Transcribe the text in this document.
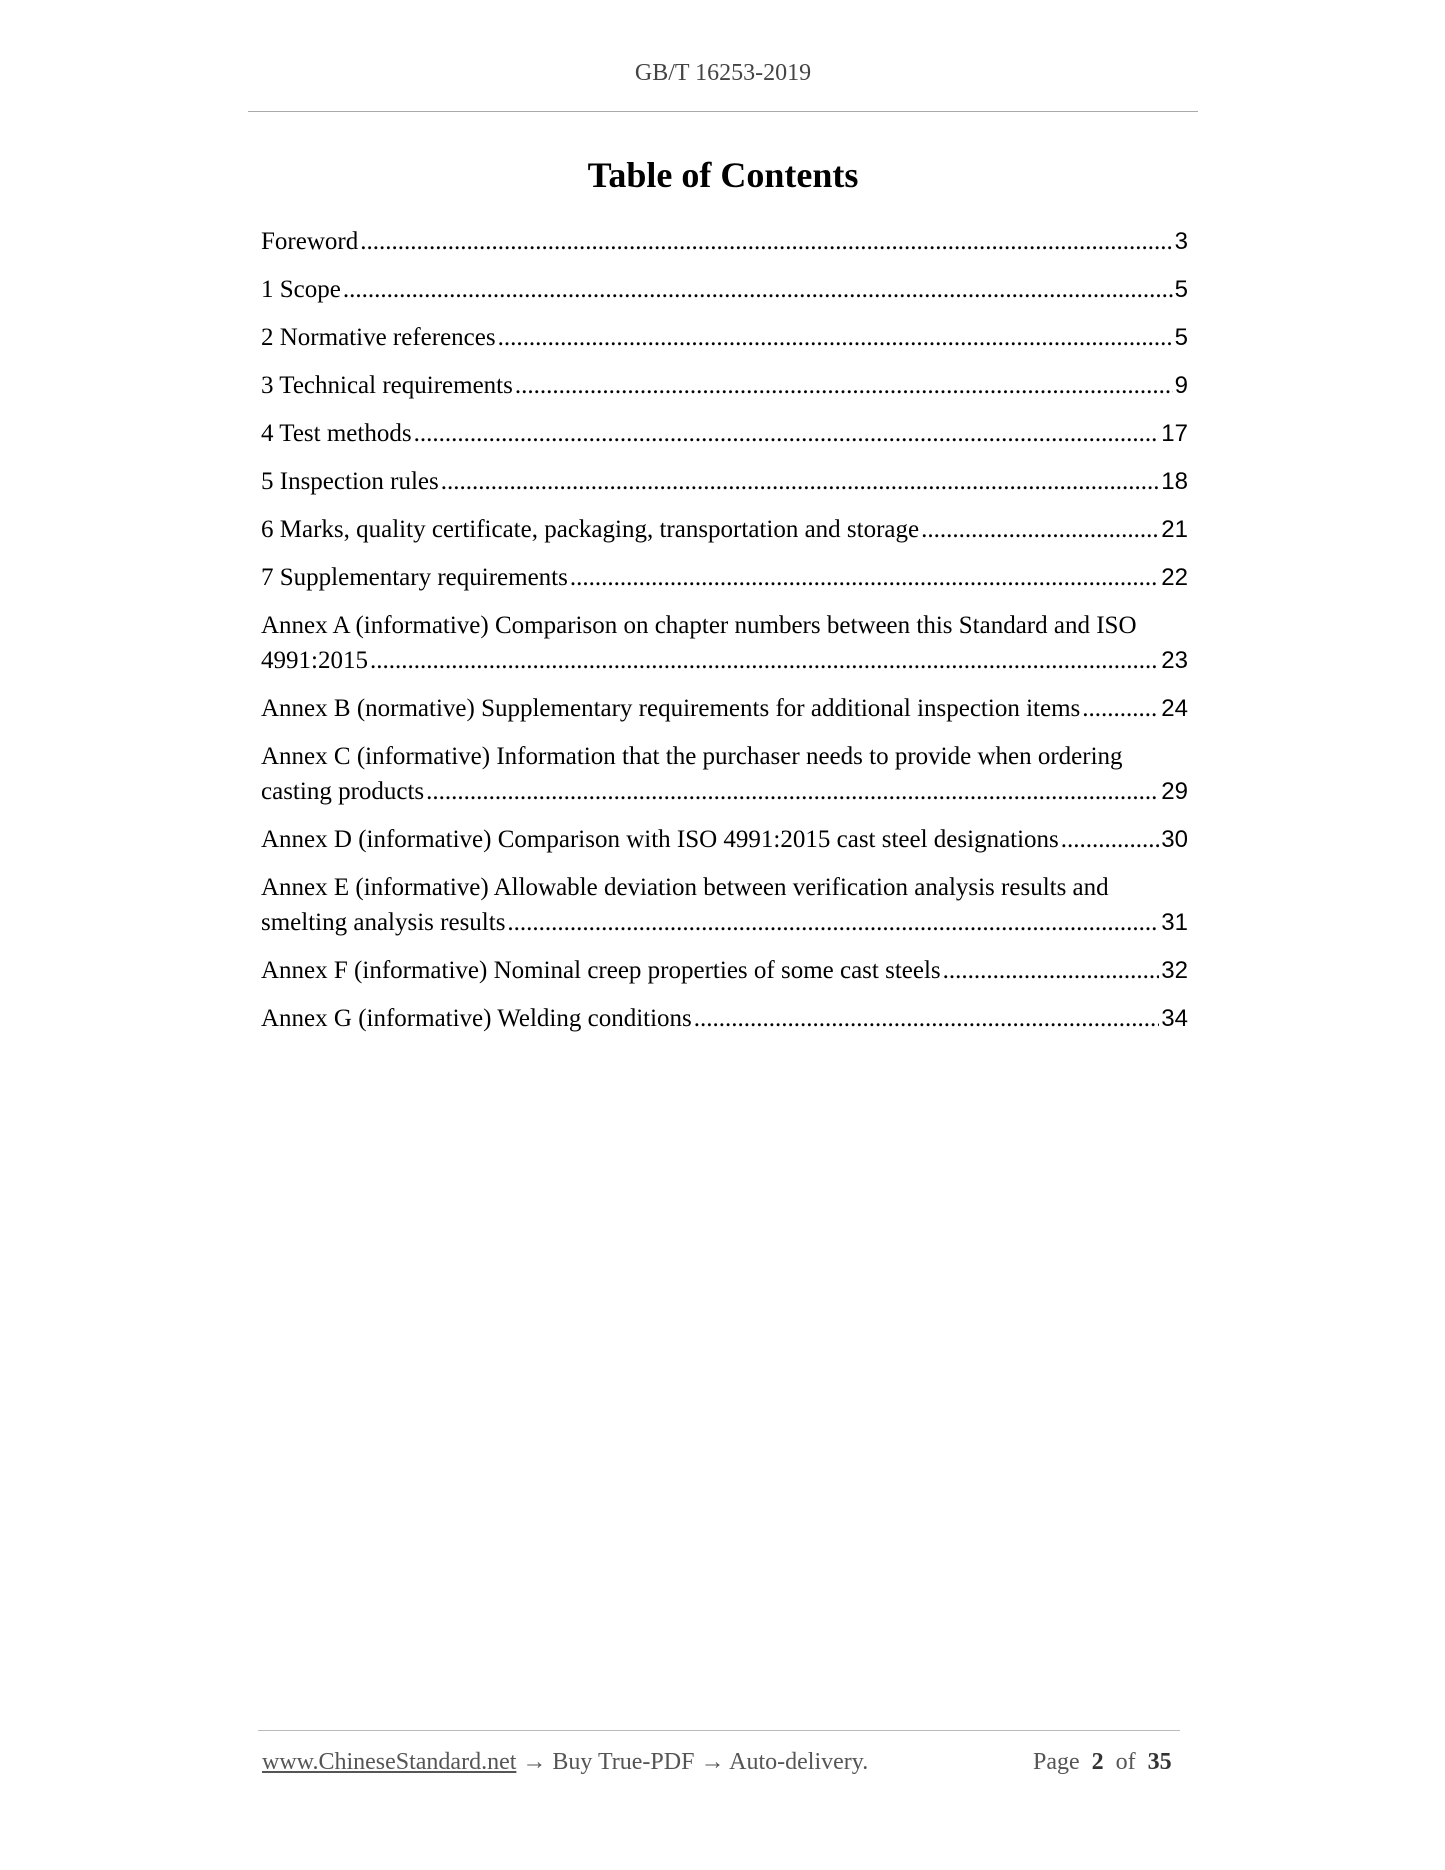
GB/T 16253-2019
Table of Contents
Foreword .....	3
1 Scope .....	5
2 Normative references .....	5
3 Technical requirements .....	9
4 Test methods .....	17
5 Inspection rules .....	18
6 Marks, quality certificate, packaging, transportation and storage .....	21
7 Supplementary requirements .....	22
Annex A (informative) Comparison on chapter numbers between this Standard and ISO
4991:2015 .....	23
Annex B (normative) Supplementary requirements for additional inspection items .....	24
Annex C (informative) Information that the purchaser needs to provide when ordering
casting products .....	29
Annex D (informative) Comparison with ISO 4991:2015 cast steel designations .....	30
Annex E (informative) Allowable deviation between verification analysis results and
smelting analysis results .....	31
Annex F (informative) Nominal creep properties of some cast steels .....	32
Annex G (informative) Welding conditions .....	34
www.ChineseStandard.net → Buy True-PDF → Auto-delivery.	Page 2 of 35
